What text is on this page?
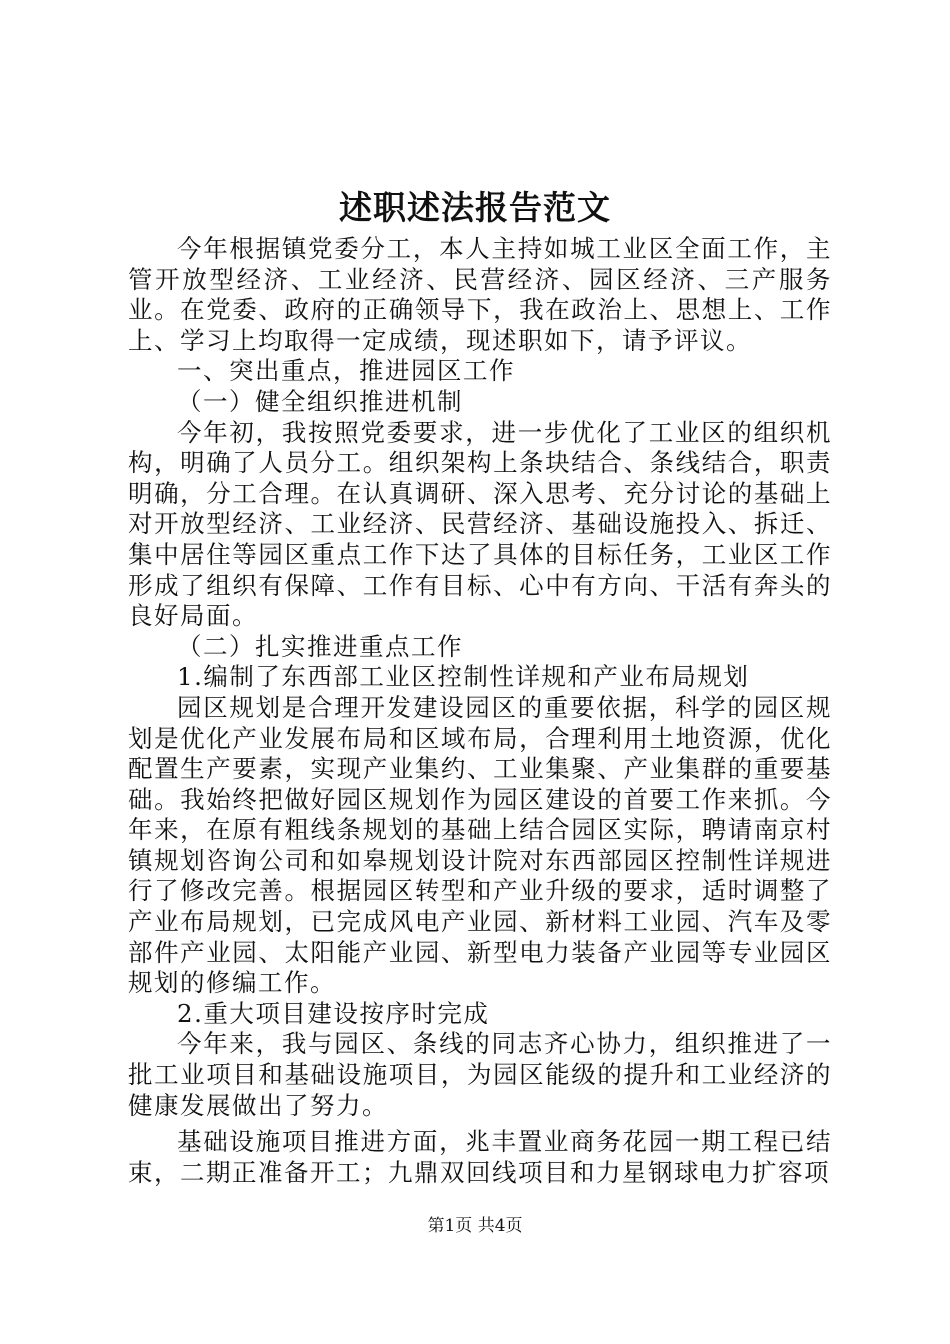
述职述法报告范文

今年根据镇党委分工，本人主持如城工业区全面工作，主管开放型经济、工业经济、民营经济、园区经济、三产服务业。在党委、政府的正确领导下，我在政治上、思想上、工作上、学习上均取得一定成绩，现述职如下，请予评议。

一、突出重点，推进园区工作

（一）健全组织推进机制

今年初，我按照党委要求，进一步优化了工业区的组织机构，明确了人员分工。组织架构上条块结合、条线结合，职责明确，分工合理。在认真调研、深入思考、充分讨论的基础上对开放型经济、工业经济、民营经济、基础设施投入、拆迁、集中居住等园区重点工作下达了具体的目标任务，工业区工作形成了组织有保障、工作有目标、心中有方向、干活有奔头的良好局面。

（二）扎实推进重点工作

1.编制了东西部工业区控制性详规和产业布局规划

园区规划是合理开发建设园区的重要依据，科学的园区规划是优化产业发展布局和区域布局，合理利用土地资源，优化配置生产要素，实现产业集约、工业集聚、产业集群的重要基础。我始终把做好园区规划作为园区建设的首要工作来抓。今年来，在原有粗线条规划的基础上结合园区实际，聘请南京村镇规划咨询公司和如皋规划设计院对东西部园区控制性详规进行了修改完善。根据园区转型和产业升级的要求，适时调整了产业布局规划，已完成风电产业园、新材料工业园、汽车及零部件产业园、太阳能产业园、新型电力装备产业园等专业园区规划的修编工作。

2.重大项目建设按序时完成

今年来，我与园区、条线的同志齐心协力，组织推进了一批工业项目和基础设施项目，为园区能级的提升和工业经济的健康发展做出了努力。

基础设施项目推进方面，兆丰置业商务花园一期工程已结束，二期正准备开工；九鼎双回线项目和力星钢球电力扩容项

第1页 共4页
